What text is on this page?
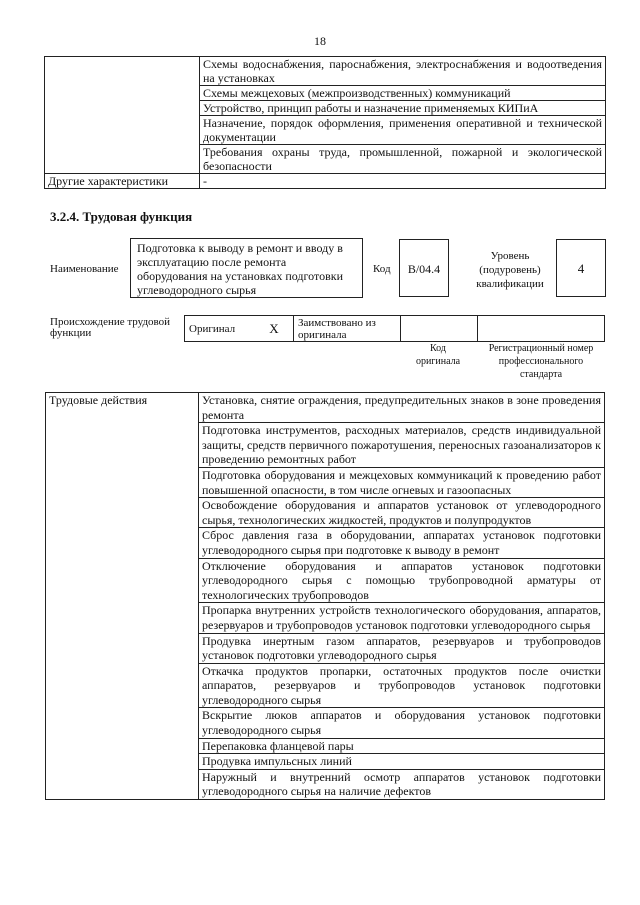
18
	Схемы водоснабжения, пароснабжения, электроснабжения и водоотведения на установках
	Схемы межцеховых (межпроизводственных) коммуникаций
	Устройство, принцип работы и назначение применяемых КИПиА
	Назначение, порядок оформления, применения оперативной и технической документации
	Требования охраны труда, промышленной, пожарной и экологической безопасности
Другие характеристики	-
3.2.4. Трудовая функция
Наименование
Подготовка к выводу в ремонт и вводу в эксплуатацию после ремонта оборудования на установках подготовки углеводородного сырья
Код	В/04.4
Уровень (подуровень) квалификации
4
Происхождение трудовой функции	Оригинал	X	Заимствовано из оригинала		
Код оригинала
Регистрационный номер профессионального стандарта
Трудовые действия	Установка, снятие ограждения, предупредительных знаков в зоне проведения ремонта
Подготовка инструментов, расходных материалов, средств индивидуальной защиты, средств первичного пожаротушения, переносных газоанализаторов к проведению ремонтных работ
Подготовка оборудования и межцеховых коммуникаций к проведению работ повышенной опасности, в том числе огневых и газоопасных
Освобождение оборудования и аппаратов установок от углеводородного сырья, технологических жидкостей, продуктов и полупродуктов
Сброс давления газа в оборудовании, аппаратах установок подготовки углеводородного сырья при подготовке к выводу в ремонт
Отключение оборудования и аппаратов установок подготовки углеводородного сырья с помощью трубопроводной арматуры от технологических трубопроводов
Пропарка внутренних устройств технологического оборудования, аппаратов, резервуаров и трубопроводов установок подготовки углеводородного сырья
Продувка инертным газом аппаратов, резервуаров и трубопроводов установок подготовки углеводородного сырья
Откачка продуктов пропарки, остаточных продуктов после очистки аппаратов, резервуаров и трубопроводов установок подготовки углеводородного сырья
Вскрытие люков аппаратов и оборудования установок подготовки углеводородного сырья
Перепаковка фланцевой пары
Продувка импульсных линий
Наружный и внутренний осмотр аппаратов установок подготовки углеводородного сырья на наличие дефектов
